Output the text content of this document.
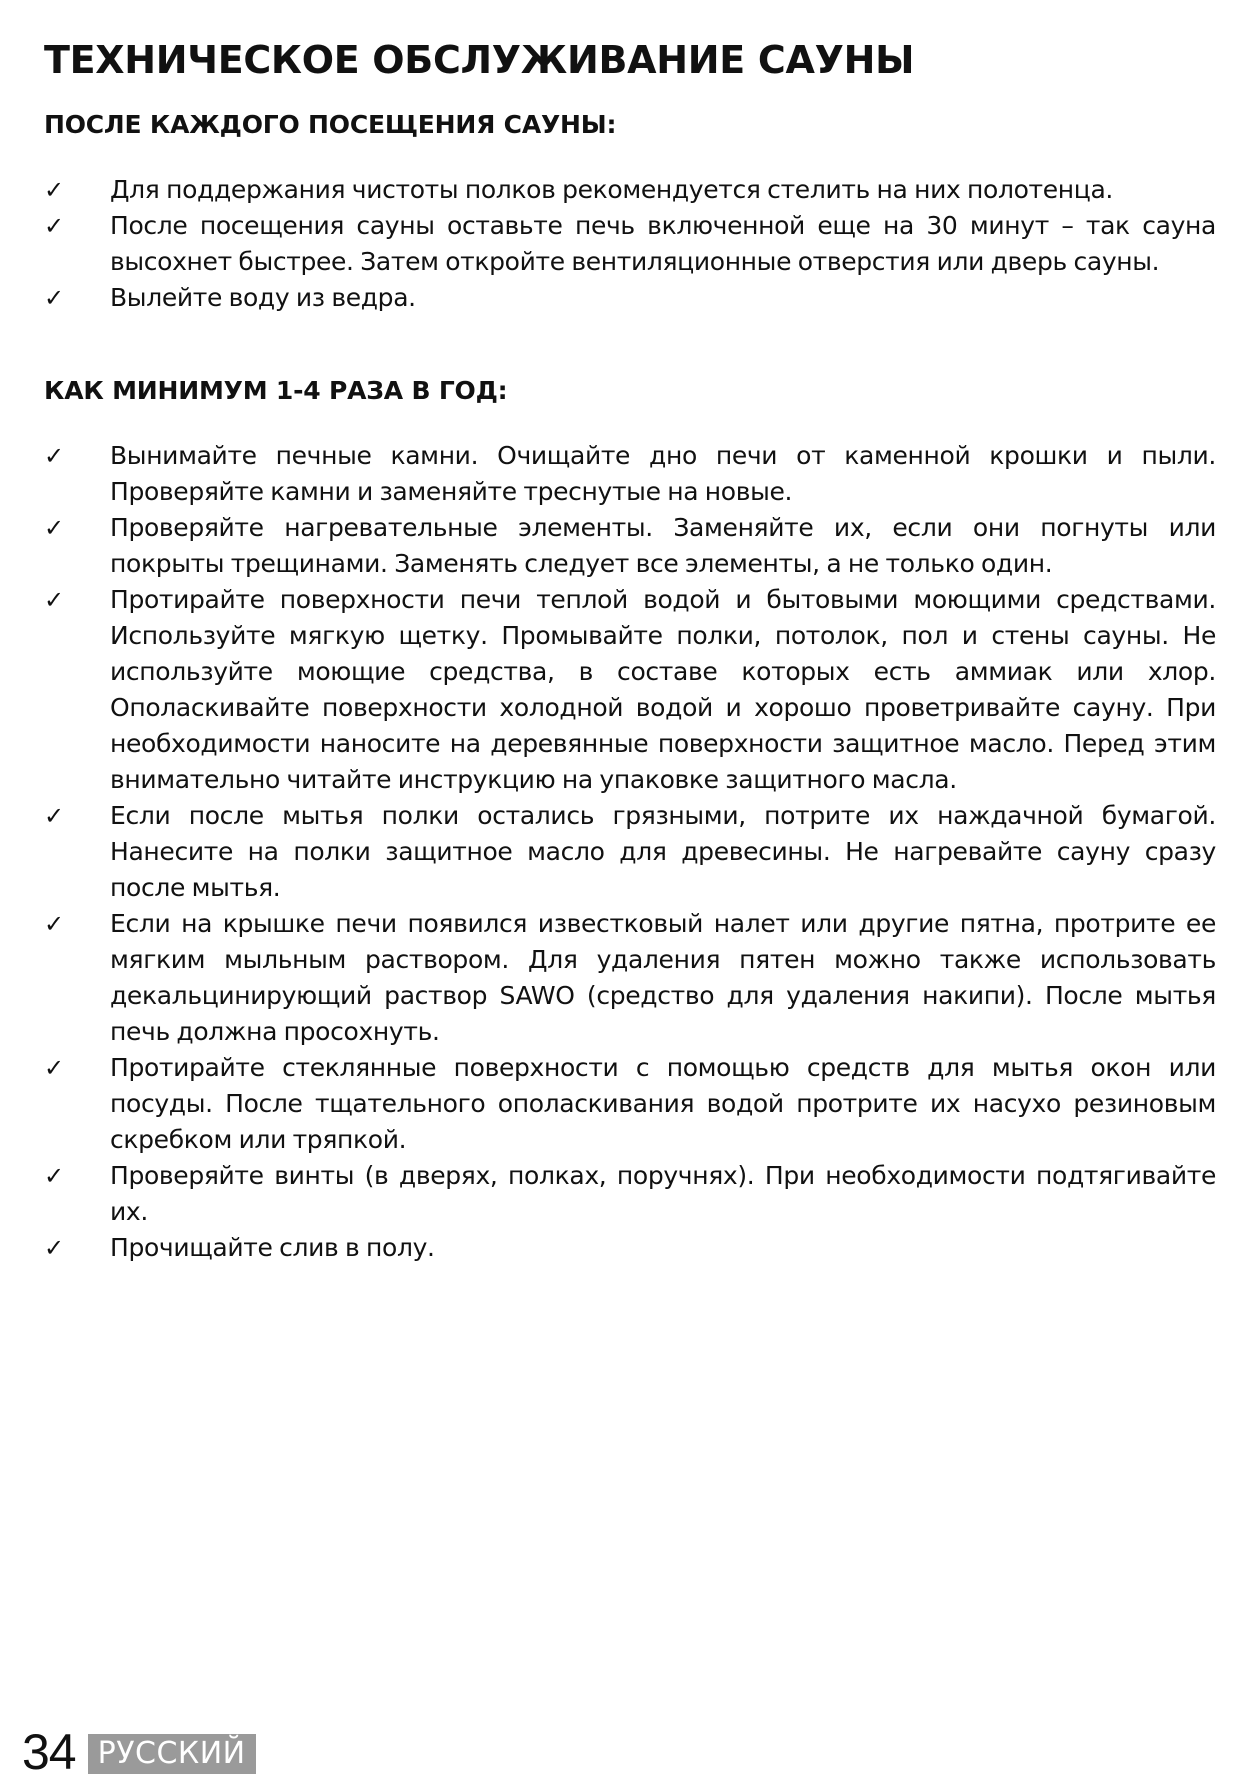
ТЕХНИЧЕСКОЕ ОБСЛУЖИВАНИЕ САУНЫ
ПОСЛЕ КАЖДОГО ПОСЕЩЕНИЯ САУНЫ:
✓	Для поддержания чистоты полков рекомендуется стелить на них полотенца.
✓	После посещения сауны оставьте печь включенной еще на 30 минут – так сауна высохнет быстрее. Затем откройте вентиляционные отверстия или дверь сауны.
✓	Вылейте воду из ведра.
КАК МИНИМУМ 1-4 РАЗА В ГОД:
✓	Вынимайте печные камни. Очищайте дно печи от каменной крошки и пыли. Проверяйте камни и заменяйте треснутые на новые.
✓	Проверяйте нагревательные элементы. Заменяйте их, если они погнуты или покрыты трещинами. Заменять следует все элементы, а не только один.
✓	Протирайте поверхности печи теплой водой и бытовыми моющими средствами. Используйте мягкую щетку. Промывайте полки, потолок, пол и стены сауны. Не используйте моющие средства, в составе которых есть аммиак или хлор. Ополаскивайте поверхности холодной водой и хорошо проветривайте сауну. При необходимости наносите на деревянные поверхности защитное масло. Перед этим внимательно читайте инструкцию на упаковке защитного масла.
✓	Если после мытья полки остались грязными, потрите их наждачной бумагой. Нанесите на полки защитное масло для древесины. Не нагревайте сауну сразу после мытья.
✓	Если на крышке печи появился известковый налет или другие пятна, протрите ее мягким мыльным раствором. Для удаления пятен можно также использовать декальцинирующий раствор SAWO (средство для удаления накипи). После мытья печь должна просохнуть.
✓	Протирайте стеклянные поверхности с помощью средств для мытья окон или посуды. После тщательного ополаскивания водой протрите их насухо резиновым скребком или тряпкой.
✓	Проверяйте винты (в дверях, полках, поручнях). При необходимости подтягивайте их.
✓	Прочищайте слив в полу.
34 РУССКИЙ
